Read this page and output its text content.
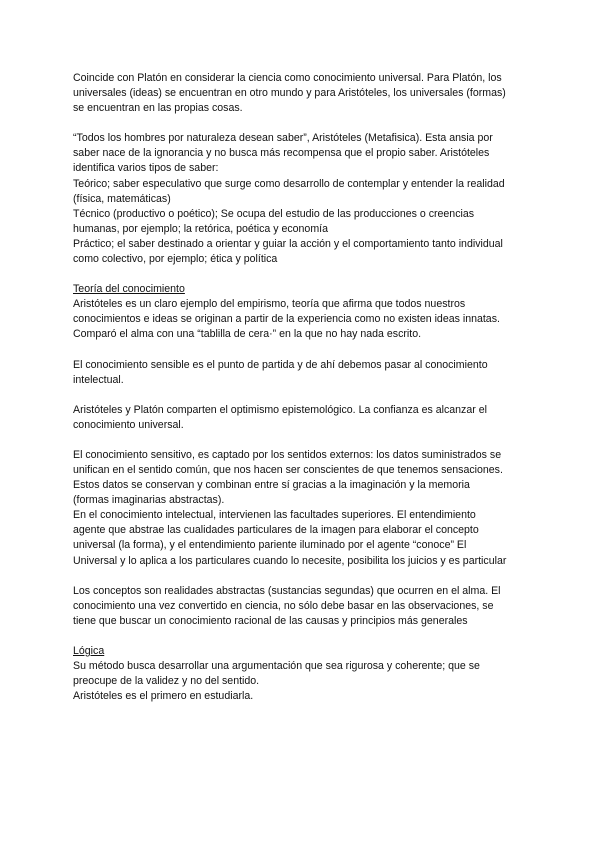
Coincide con Platón en considerar la ciencia como conocimiento universal. Para Platón, los
universales (ideas) se encuentran en otro mundo y para Aristóteles, los universales (formas)
se encuentran en las propias cosas.

“Todos los hombres por naturaleza desean saber”, Aristóteles (Metafisica). Esta ansia por
saber nace de la ignorancia y no busca más recompensa que el propio saber. Aristóteles
identifica varios tipos de saber:
Teórico; saber especulativo que surge como desarrollo de contemplar y entender la realidad
(física, matemáticas)
Técnico (productivo o poético); Se ocupa del estudio de las producciones o creencias
humanas, por ejemplo; la retórica, poética y economía
Práctico; el saber destinado a orientar y guiar la acción y el comportamiento tanto individual
como colectivo, por ejemplo; ética y política

Teoría del conocimiento

Aristóteles es un claro ejemplo del empirismo, teoría que afirma que todos nuestros
conocimientos e ideas se originan a partir de la experiencia como no existen ideas innatas.
Comparó el alma con una “tablilla de cera·” en la que no hay nada escrito.

El conocimiento sensible es el punto de partida y de ahí debemos pasar al conocimiento
intelectual.

Aristóteles y Platón comparten el optimismo epistemológico. La confianza es alcanzar el
conocimiento universal.

El conocimiento sensitivo, es captado por los sentidos externos: los datos suministrados se
unifican en el sentido común, que nos hacen ser conscientes de que tenemos sensaciones.
Estos datos se conservan y combinan entre sí gracias a la imaginación y la memoria
(formas imaginarias abstractas).
En el conocimiento intelectual, intervienen las facultades superiores. El entendimiento
agente que abstrae las cualidades particulares de la imagen para elaborar el concepto
universal (la forma), y el entendimiento pariente iluminado por el agente “conoce” El
Universal y lo aplica a los particulares cuando lo necesite, posibilita los juicios y es particular

Los conceptos son realidades abstractas (sustancias segundas) que ocurren en el alma. El
conocimiento una vez convertido en ciencia, no sólo debe basar en las observaciones, se
tiene que buscar un conocimiento racional de las causas y principios más generales

Lógica

Su método busca desarrollar una argumentación que sea rigurosa y coherente; que se
preocupe de la validez y no del sentido.
Aristóteles es el primero en estudiarla.
